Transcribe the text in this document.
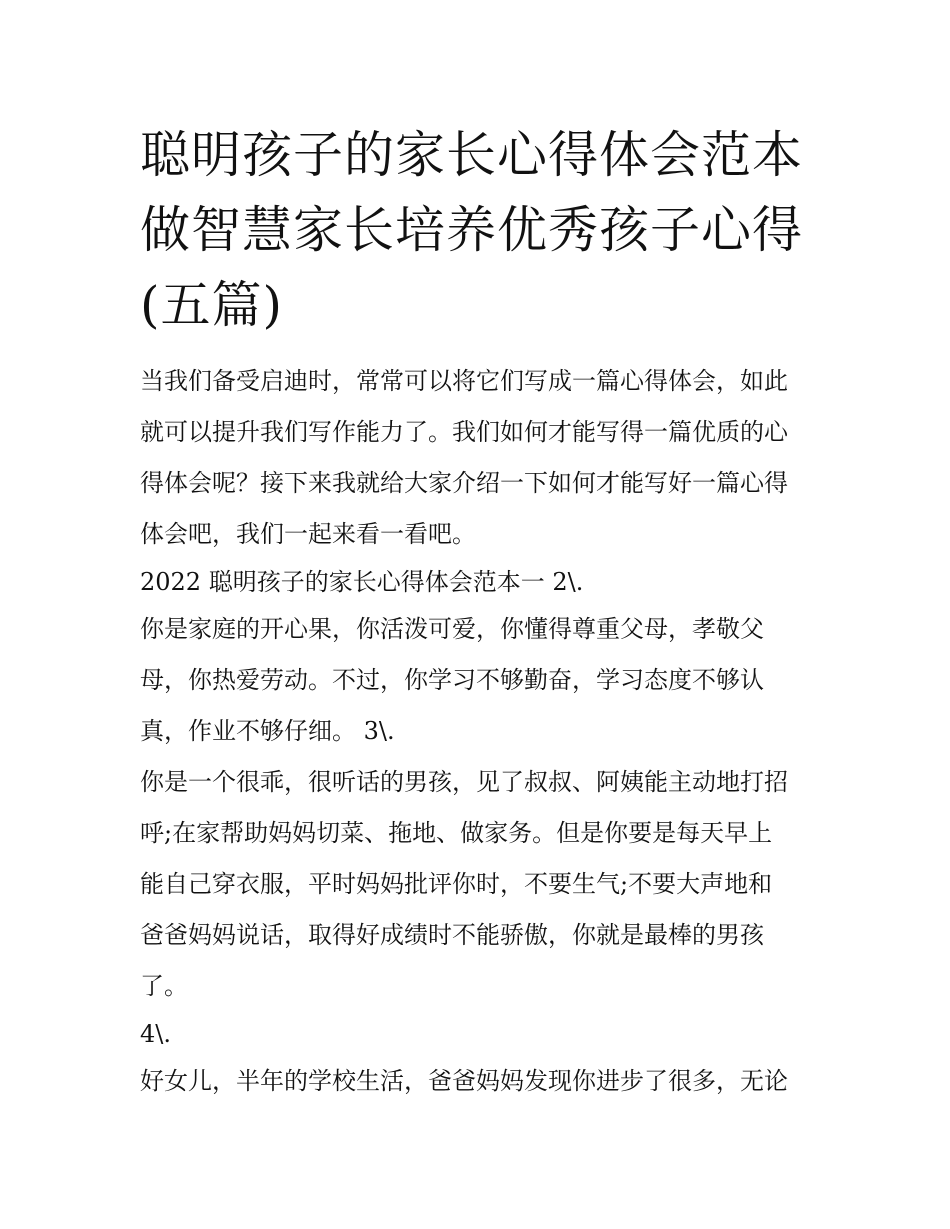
聪明孩子的家长心得体会范本
做智慧家长培养优秀孩子心得
(五篇)
当我们备受启迪时，常常可以将它们写成一篇心得体会，如此
就可以提升我们写作能力了。我们如何才能写得一篇优质的心
得体会呢？接下来我就给大家介绍一下如何才能写好一篇心得
体会吧，我们一起来看一看吧。
2022 聪明孩子的家长心得体会范本一 2\.
你是家庭的开心果，你活泼可爱，你懂得尊重父母，孝敬父
母，你热爱劳动。不过，你学习不够勤奋，学习态度不够认
真，作业不够仔细。 3\.
你是一个很乖，很听话的男孩，见了叔叔、阿姨能主动地打招
呼;在家帮助妈妈切菜、拖地、做家务。但是你要是每天早上
能自己穿衣服，平时妈妈批评你时，不要生气;不要大声地和
爸爸妈妈说话，取得好成绩时不能骄傲，你就是最棒的男孩
了。
4\.
好女儿，半年的学校生活，爸爸妈妈发现你进步了很多，无论
